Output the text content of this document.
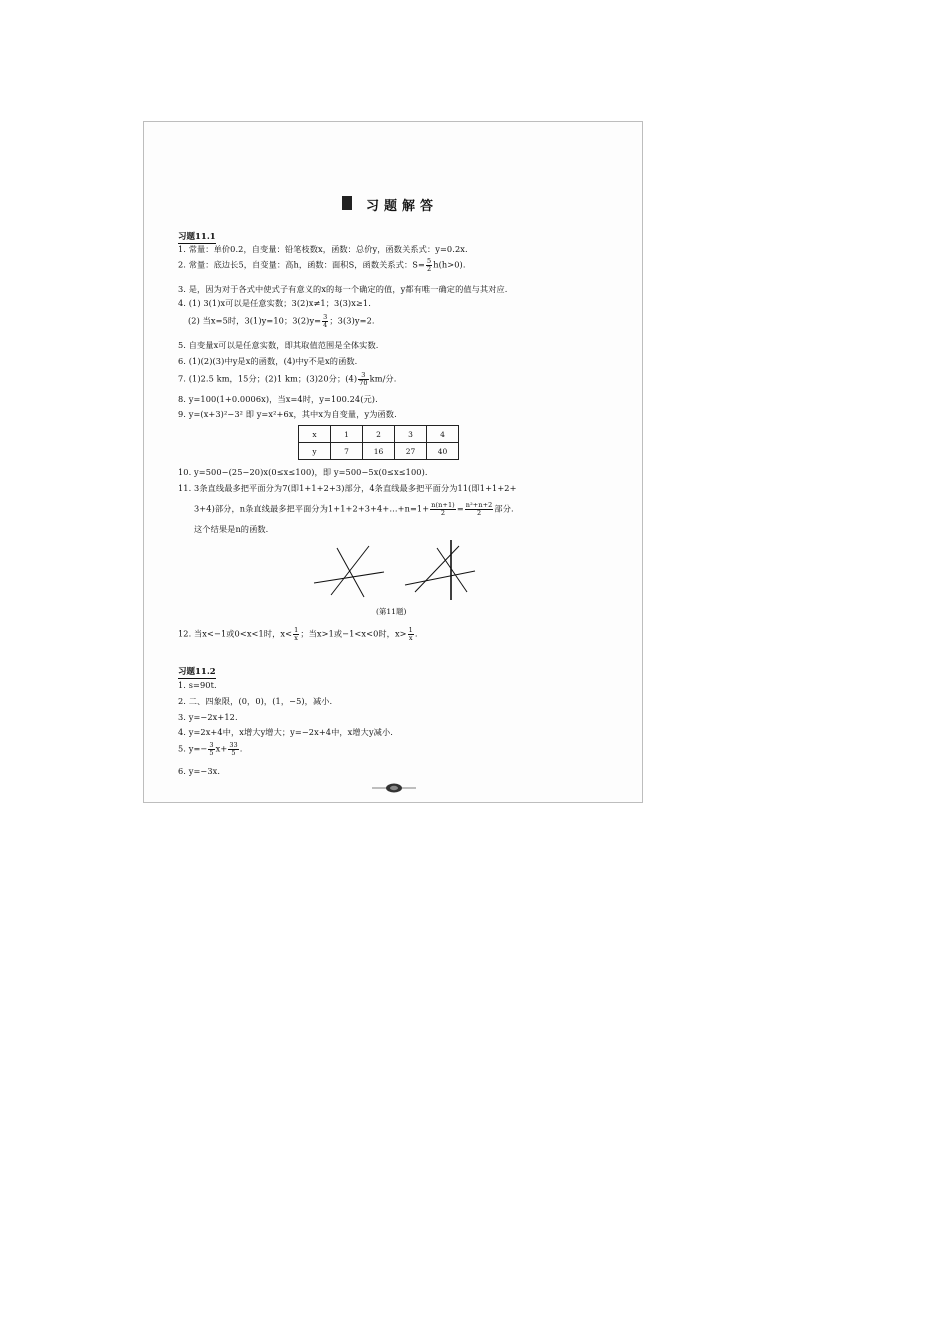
习题解答
习题11.1
1. 常量：单价0.2，自变量：铅笔枝数x，函数：总价y，函数关系式：y=0.2x.
2. 常量：底边长5，自变量：高h，函数：面积S，函数关系式：$S= \frac{5}{2} h(h>0)$.
3. 是，因为对于各式中使式子有意义的x的每一个确定的值，y都有唯一确定的值与其对应.
4. (1) 3(1)x可以是任意实数；3(2)x≠1；3(3)x≥1.
(2) 当x=5时，3(1)y=10；$3(2)y= \frac{3}{4}$ ；3(3)y=2.
5. 自变量x可以是任意实数，即其取值范围是全体实数.
6. (1)(2)(3)中y是x的函数，(4)中y不是x的函数.
7. (1)2.5 km，15分；(2)1 km；(3)20分；$(4) \frac{3}{70} km/$分.
8. y=100(1+0.0006x)，当x=4时，y=100.24(元).
9. y=(x+3)²−3² 即 y=x²+6x，其中x为自变量，y为函数.
x	1	2	3	4
y	7	16	27	40
10. y=500−(25−20)x(0≤x≤100)，即 y=500−5x(0≤x≤100).
11. 3条直线最多把平面分为7(即1+1+2+3)部分，4条直线最多把平面分为11(即1+1+2+
3+4)部分，n条直线最多把平面分为1+1+2+3+4+…+n=1+ $\frac{n(n+1)}{2} = \frac{\text{n²+n+2}}{2}$ 部分.
这个结果是n的函数.
(第11题)
12. 当x<−1或0<x<1时，$x< \frac{1}{x}$ ；当x>1或−1<x<0时，$x> \frac{1}{x}$ .
习题11.2
1. s=90t.
2. 二、四象限，(0，0)，(1，−5)，减小.
3. y=−2x+12.
4. y=2x+4中，x增大y增大；y=−2x+4中，x增大y减小.
5. $y=- \frac{3}{5} x+ \frac{33}{5}$ .
6. y=−3x.
